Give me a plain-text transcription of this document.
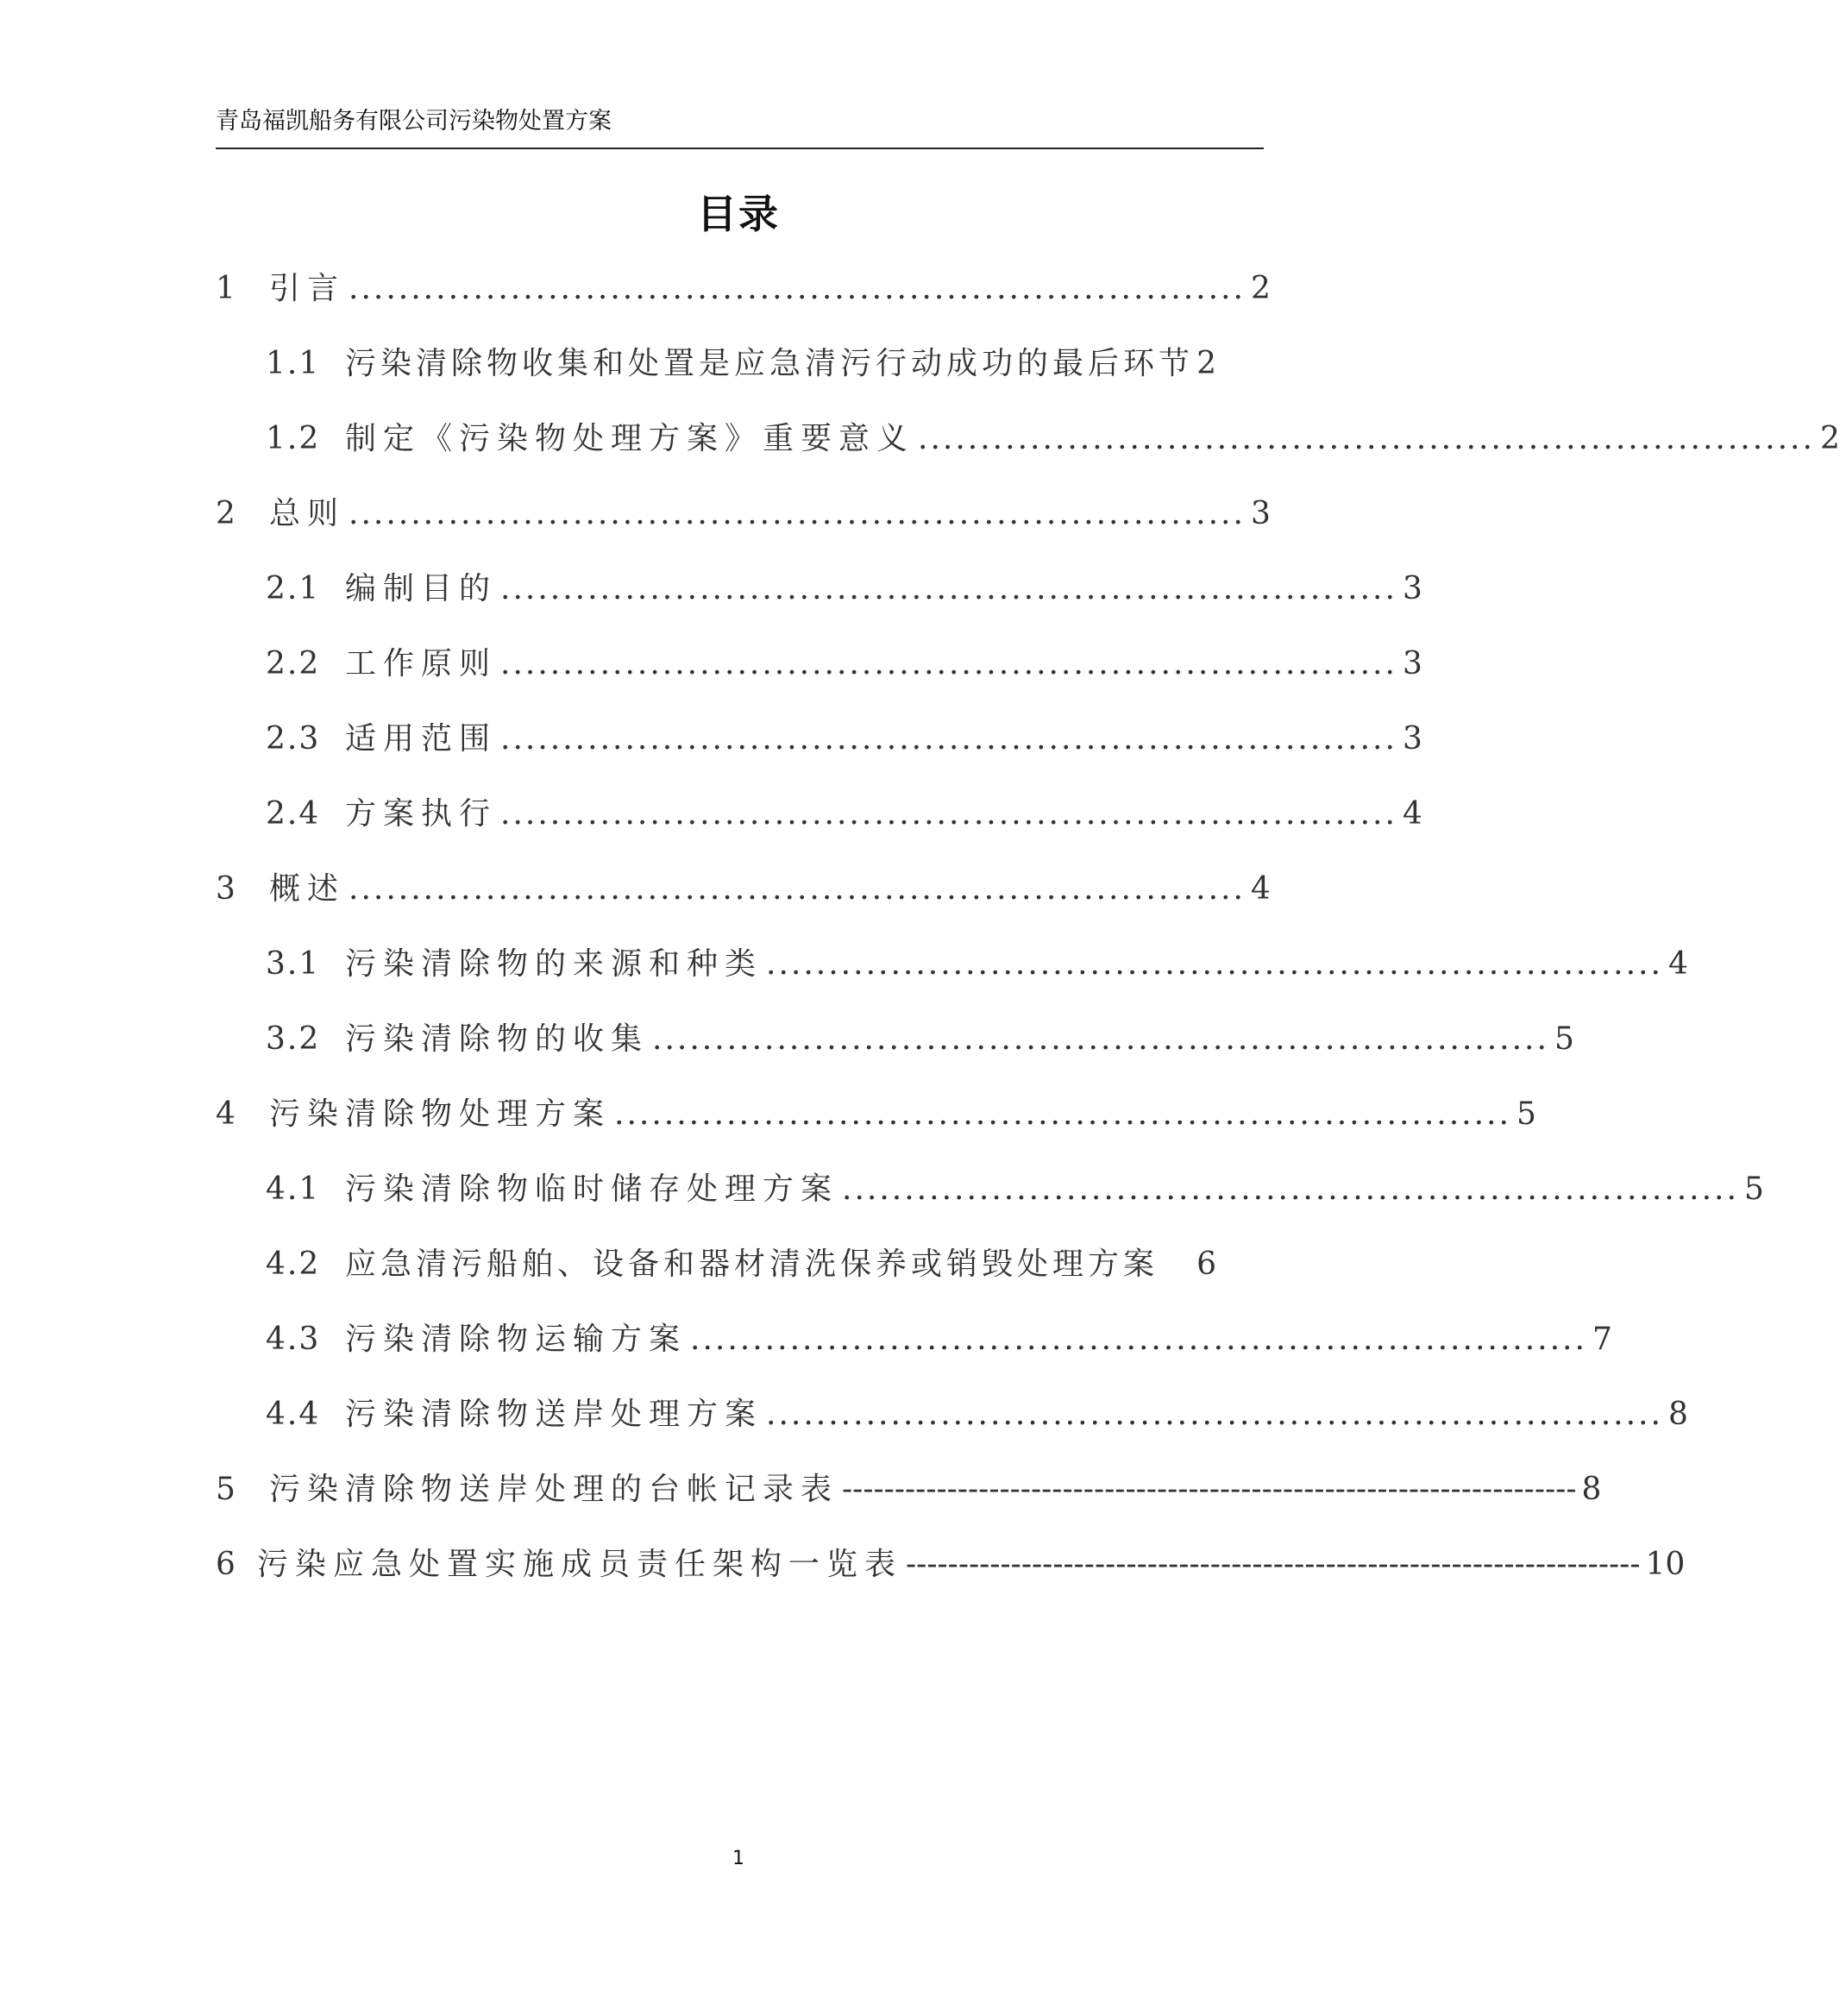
青岛福凯船务有限公司污染物处置方案
目录
1	引言 ........................................................................ 2
1.1 污染清除物收集和处置是应急清污行动成功的最后环节 2
1.2 制定《污染物处理方案》重要意义 ........................................................................ 2
2	总则 ........................................................................ 3
2.1 编制目的 ........................................................................ 3
2.2 工作原则 ........................................................................ 3
2.3 适用范围 ........................................................................ 3
2.4 方案执行 ........................................................................ 4
3	概述 ........................................................................ 4
3.1 污染清除物的来源和种类 ........................................................................ 4
3.2 污染清除物的收集 ........................................................................ 5
4	污染清除物处理方案 ........................................................................ 5
4.1 污染清除物临时储存处理方案 ........................................................................ 5
4.2 应急清污船舶、设备和器材清洗保养或销毁处理方案 6
4.3 污染清除物运输方案 ........................................................................ 7
4.4 污染清除物送岸处理方案 ........................................................................ 8
5	污染清除物送岸处理的台帐记录表 ---------------------------------------------------------------------- 8
6 污染应急处置实施成员责任架构一览表 ---------------------------------------------------------------------- 10
1
